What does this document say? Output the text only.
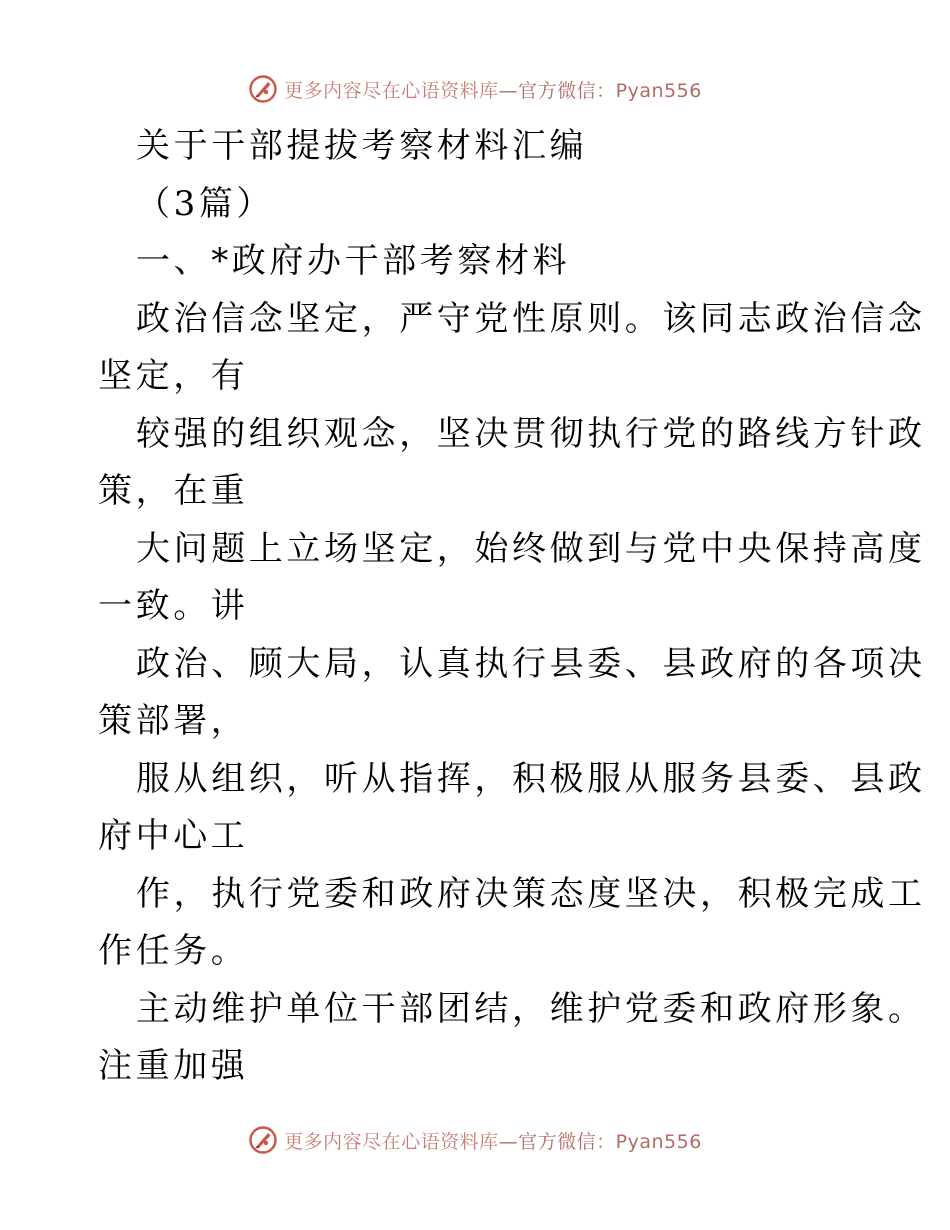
更多内容尽在心语资料库 —官方微信：Pyan556
关于干部提拔考察材料汇编
（3篇）
一、*政府办干部考察材料
政治信念坚定，严守党性原则。该同志政治信念
坚定，有
较强的组织观念，坚决贯彻执行党的路线方针政
策，在重
大问题上立场坚定，始终做到与党中央保持高度
一致。讲
政治、顾大局，认真执行县委、县政府的各项决
策部署，
服从组织，听从指挥，积极服从服务县委、县政
府中心工
作，执行党委和政府决策态度坚决，积极完成工
作任务。
主动维护单位干部团结，维护党委和政府形象。
注重加强
更多内容尽在心语资料库 —官方微信：Pyan556
